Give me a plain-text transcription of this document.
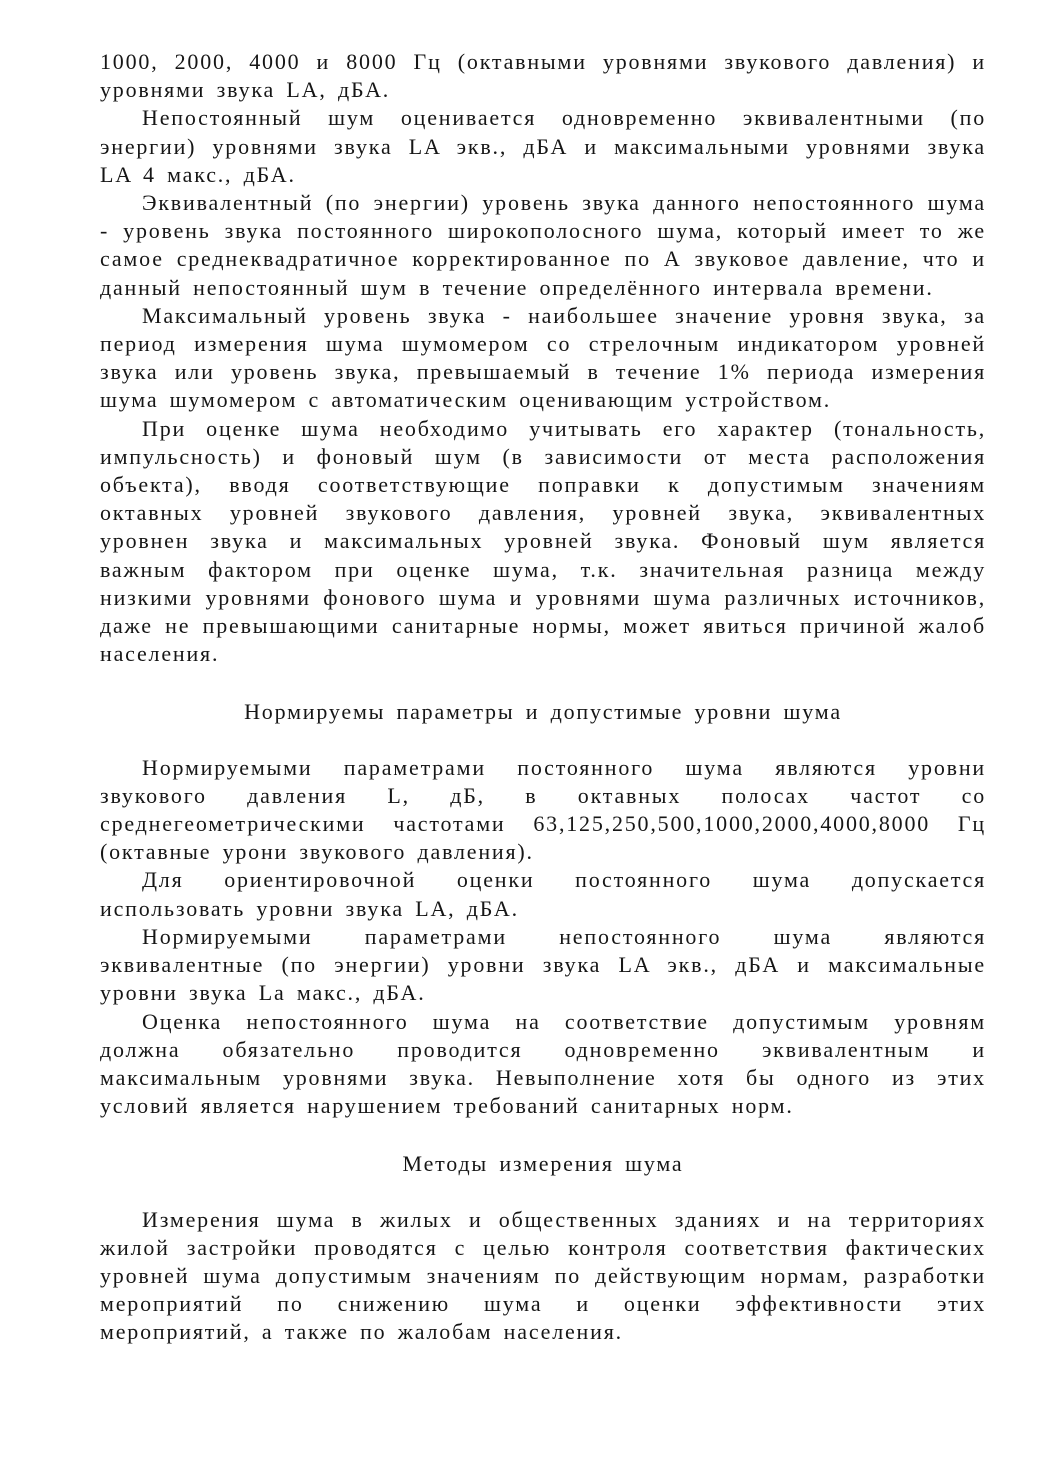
1000, 2000, 4000 и 8000 Гц (октавными уровнями звукового давления) и уровнями звука LA, дБА.

Непостоянный шум оценивается одновременно эквивалентными (по энергии) уровнями звука LA экв., дБА и максимальными уровнями звука LA 4 макс., дБА.

Эквивалентный (по энергии) уровень звука данного непостоянного шума - уровень звука постоянного широкополосного шума, который имеет то же самое среднеквадратичное корректированное по А звуковое давление, что и данный непостоянный шум в течение определённого интервала времени.

Максимальный уровень звука - наибольшее значение уровня звука, за период измерения шума шумомером со стрелочным индикатором уровней звука или уровень звука, превышаемый в течение 1% периода измерения шума шумомером с автоматическим оценивающим устройством.

При оценке шума необходимо учитывать его характер (тональность, импульсность) и фоновый шум (в зависимости от места расположения объекта), вводя соответствующие поправки к допустимым значениям октавных уровней звукового давления, уровней звука, эквивалентных уровнен звука и максимальных уровней звука. Фоновый шум является важным фактором при оценке шума, т.к. значительная разница между низкими уровнями фонового шума и уровнями шума различных источников, даже не превышающими санитарные нормы, может явиться причиной жалоб населения.

Нормируемы параметры и допустимые уровни шума

Нормируемыми параметрами постоянного шума являются уровни звукового давления L, дБ, в октавных полосах частот со среднегеометрическими частотами 63,125,250,500,1000,2000,4000,8000 Гц (октавные урони звукового давления).

Для ориентировочной оценки постоянного шума допускается использовать уровни звука LA, дБА.

Нормируемыми параметрами непостоянного шума являются эквивалентные (по энергии) уровни звука LA экв., дБА и максимальные уровни звука La макс., дБА.

Оценка непостоянного шума на соответствие допустимым уровням должна обязательно проводится одновременно эквивалентным и максимальным уровнями звука. Невыполнение хотя бы одного из этих условий является нарушением требований санитарных норм.

Методы измерения шума

Измерения шума в жилых и общественных зданиях и на территориях жилой застройки проводятся с целью контроля соответствия фактических уровней шума допустимым значениям по действующим нормам, разработки мероприятий по снижению шума и оценки эффективности этих мероприятий, а также по жалобам населения.
